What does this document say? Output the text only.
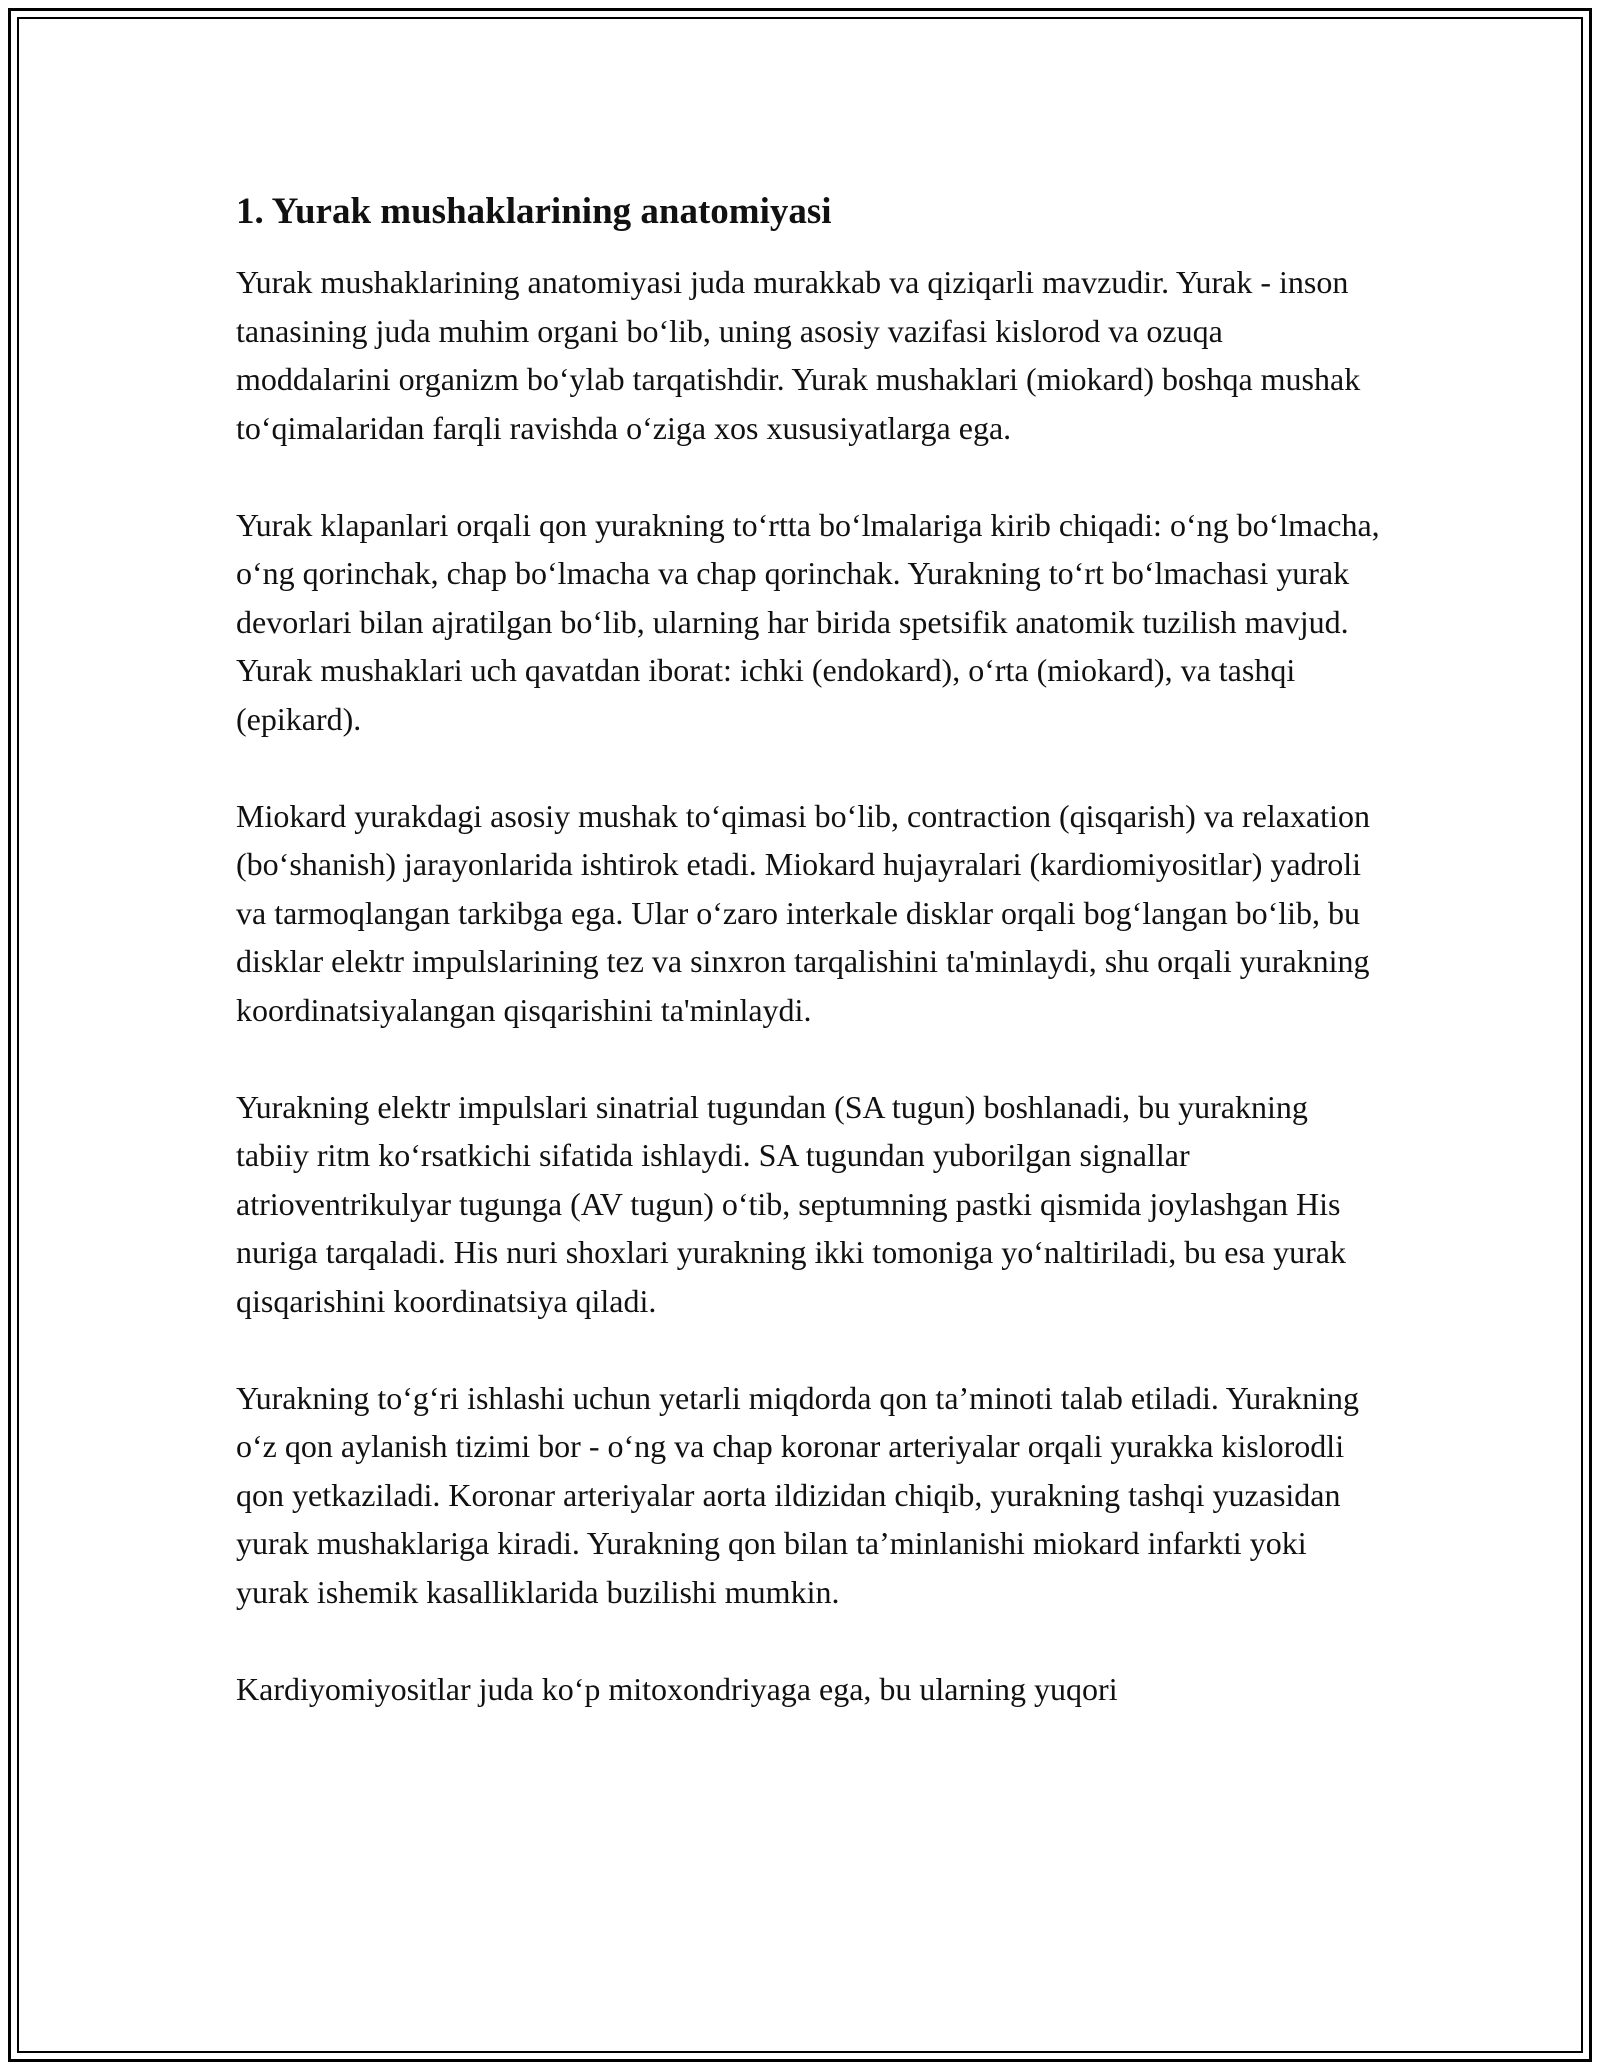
1. Yurak mushaklarining anatomiyasi

Yurak mushaklarining anatomiyasi juda murakkab va qiziqarli mavzudir. Yurak - inson tanasining juda muhim organi bo‘lib, uning asosiy vazifasi kislorod va ozuqa moddalarini organizm bo‘ylab tarqatishdir. Yurak mushaklari (miokard) boshqa mushak to‘qimalaridan farqli ravishda o‘ziga xos xususiyatlarga ega.

Yurak klapanlari orqali qon yurakning to‘rtta bo‘lmalariga kirib chiqadi: o‘ng bo‘lmacha, o‘ng qorinchak, chap bo‘lmacha va chap qorinchak. Yurakning to‘rt bo‘lmachasi yurak devorlari bilan ajratilgan bo‘lib, ularning har birida spetsifik anatomik tuzilish mavjud. Yurak mushaklari uch qavatdan iborat: ichki (endokard), o‘rta (miokard), va tashqi (epikard).

Miokard yurakdagi asosiy mushak to‘qimasi bo‘lib, contraction (qisqarish) va relaxation (bo‘shanish) jarayonlarida ishtirok etadi. Miokard hujayralari (kardiomiyositlar) yadroli va tarmoqlangan tarkibga ega. Ular o‘zaro interkale disklar orqali bog‘langan bo‘lib, bu disklar elektr impulslarining tez va sinxron tarqalishini ta'minlaydi, shu orqali yurakning koordinatsiyalangan qisqarishini ta'minlaydi.

Yurakning elektr impulslari sinatrial tugundan (SA tugun) boshlanadi, bu yurakning tabiiy ritm ko‘rsatkichi sifatida ishlaydi. SA tugundan yuborilgan signallar atrioventrikulyar tugunga (AV tugun) o‘tib, septumning pastki qismida joylashgan His nuriga tarqaladi. His nuri shoxlari yurakning ikki tomoniga yo‘naltiriladi, bu esa yurak qisqarishini koordinatsiya qiladi.

Yurakning to‘g‘ri ishlashi uchun yetarli miqdorda qon ta’minoti talab etiladi. Yurakning o‘z qon aylanish tizimi bor - o‘ng va chap koronar arteriyalar orqali yurakka kislorodli qon yetkaziladi. Koronar arteriyalar aorta ildizidan chiqib, yurakning tashqi yuzasidan yurak mushaklariga kiradi. Yurakning qon bilan ta’minlanishi miokard infarkti yoki yurak ishemik kasalliklarida buzilishi mumkin.

Kardiyomiyositlar juda ko‘p mitoxondriyaga ega, bu ularning yuqori
